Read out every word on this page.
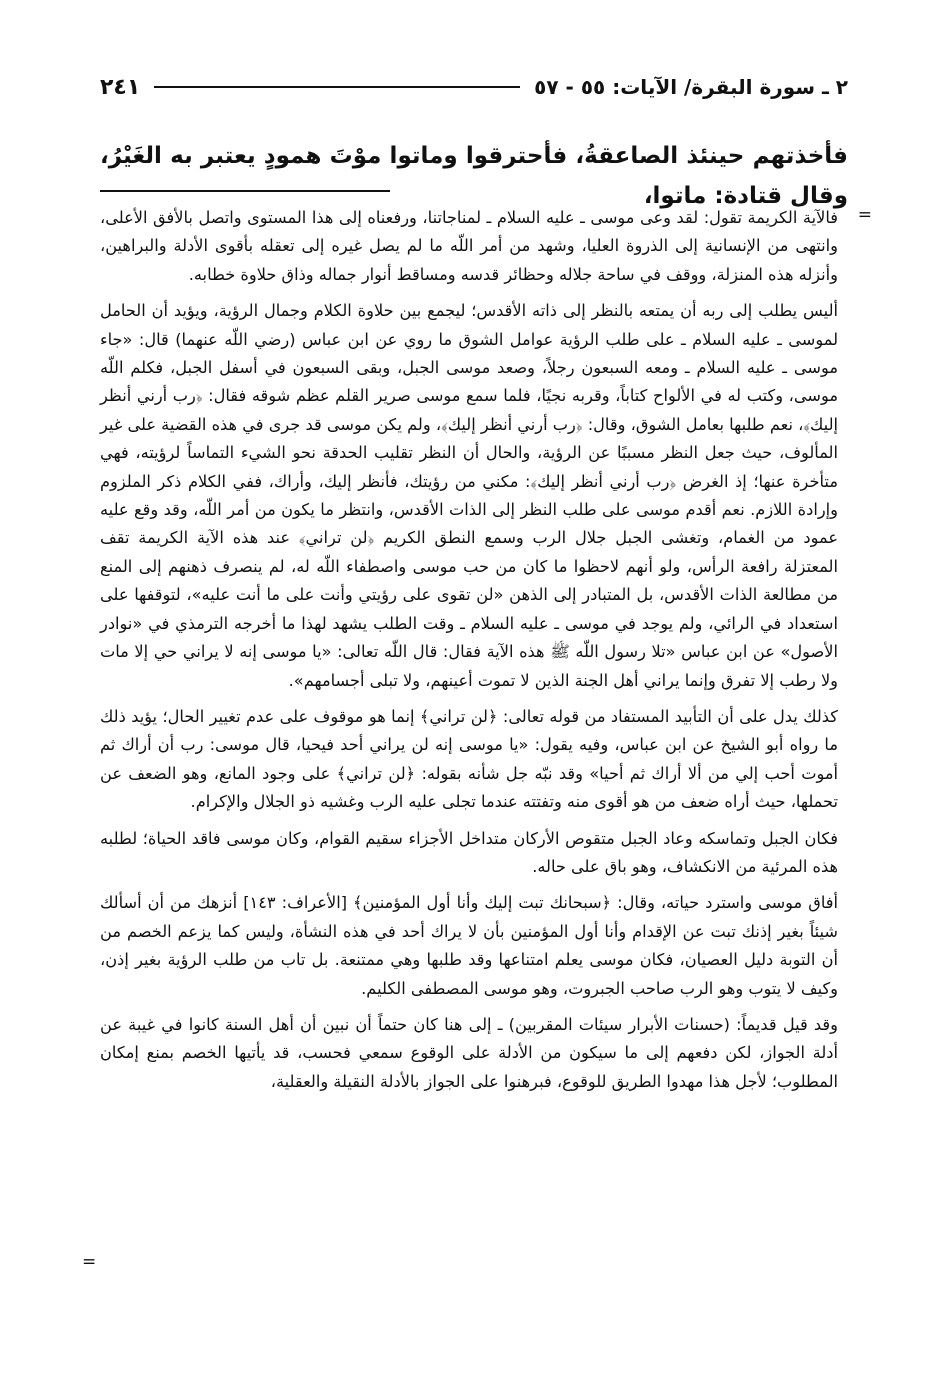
٢ ـ سورة البقرة/ الآيات: ٥٥ - ٥٧
٢٤١
فأخذتهم حينئذ الصاعقةُ، فأحترقوا وماتوا موْتَ همودٍ يعتبر به الغَيْرُ، وقال قتادة: ماتوا،
=

فالآية الكريمة تقول: لقد وعى موسى ـ عليه السلام ـ لمناجاتنا، ورفعناه إلى هذا المستوى واتصل بالأفق الأعلى، وانتهى من الإنسانية إلى الذروة العليا، وشهد من أمر اللّه ما لم يصل غيره إلى تعقله بأقوى الأدلة والبراهين، وأنزله هذه المنزلة، ووقف في ساحة جلاله وحظائر قدسه ومساقط أنوار جماله وذاق حلاوة خطابه.

أليس يطلب إلى ربه أن يمتعه بالنظر إلى ذاته الأقدس؛ ليجمع بين حلاوة الكلام وجمال الرؤية، ويؤيد أن الحامل لموسى ـ عليه السلام ـ على طلب الرؤية عوامل الشوق ما روي عن ابن عباس (رضي اللّه عنهما) قال: «جاء موسى ـ عليه السلام ـ ومعه السبعون رجلاً، وصعد موسى الجبل، وبقى السبعون في أسفل الجبل، فكلم اللّه موسى، وكتب له في الألواح كتاباً، وقربه نجيًا، فلما سمع موسى صرير القلم عظم شوقه فقال: ﴿رب أرني أنظر إليك﴾، نعم طلبها بعامل الشوق، وقال: ﴿رب أرني أنظر إليك﴾، ولم يكن موسى قد جرى في هذه القضية على غير المألوف، حيث جعل النظر مسببًا عن الرؤية، والحال أن النظر تقليب الحدقة نحو الشيء التماساً لرؤيته، فهي متأخرة عنها؛ إذ الغرض ﴿رب أرني أنظر إليك﴾: مكني من رؤيتك، فأنظر إليك، وأراك، ففي الكلام ذكر الملزوم وإرادة اللازم. نعم أقدم موسى على طلب النظر إلى الذات الأقدس، وانتظر ما يكون من أمر اللّه، وقد وقع عليه عمود من الغمام، وتغشى الجبل جلال الرب وسمع النطق الكريم ﴿لن تراني﴾ عند هذه الآية الكريمة تقف المعتزلة رافعة الرأس، ولو أنهم لاحظوا ما كان من حب موسى واصطفاء اللّه له، لم ينصرف ذهنهم إلى المنع من مطالعة الذات الأقدس، بل المتبادر إلى الذهن «لن تقوى على رؤيتي وأنت على ما أنت عليه»، لتوقفها على استعداد في الرائي، ولم يوجد في موسى ـ عليه السلام ـ وقت الطلب يشهد لهذا ما أخرجه الترمذي في «نوادر الأصول» عن ابن عباس «تلا رسول اللّه ﷺ هذه الآية فقال: قال اللّه تعالى: «يا موسى إنه لا يراني حي إلا مات ولا رطب إلا تفرق وإنما يراني أهل الجنة الذين لا تموت أعينهم، ولا تبلى أجسامهم».

كذلك يدل على أن التأبيد المستفاد من قوله تعالى: ﴿لن تراني﴾ إنما هو موقوف على عدم تغيير الحال؛ يؤيد ذلك ما رواه أبو الشيخ عن ابن عباس، وفيه يقول: «يا موسى إنه لن يراني أحد فيحيا، قال موسى: رب أن أراك ثم أموت أحب إلي من ألا أراك ثم أحيا» وقد نبّه جل شأنه بقوله: ﴿لن تراني﴾ على وجود المانع، وهو الضعف عن تحملها، حيث أراه ضعف من هو أقوى منه وتفتته عندما تجلى عليه الرب وغشيه ذو الجلال والإكرام.

فكان الجبل وتماسكه وعاد الجبل متقوص الأركان متداخل الأجزاء سقيم القوام، وكان موسى فاقد الحياة؛ لطلبه هذه المرئية من الانكشاف، وهو باق على حاله.

أفاق موسى واسترد حياته، وقال: ﴿سبحانك تبت إليك وأنا أول المؤمنين﴾ [الأعراف: ١٤٣] أنزهك من أن أسألك شيئاً بغير إذنك تبت عن الإقدام وأنا أول المؤمنين بأن لا يراك أحد في هذه النشأة، وليس كما يزعم الخصم من أن التوبة دليل العصيان، فكان موسى يعلم امتناعها وقد طلبها وهي ممتنعة. بل تاب من طلب الرؤية بغير إذن، وكيف لا يتوب وهو الرب صاحب الجبروت، وهو موسى المصطفى الكليم.

وقد قيل قديماً: (حسنات الأبرار سيئات المقربين) ـ إلى هنا كان حتماً أن نبين أن أهل السنة كانوا في غيبة عن أدلة الجواز، لكن دفعهم إلى ما سيكون من الأدلة على الوقوع سمعي فحسب، قد يأتيها الخصم بمنع إمكان المطلوب؛ لأجل هذا مهدوا الطريق للوقوع، فبرهنوا على الجواز بالأدلة النقيلة والعقلية،

=
